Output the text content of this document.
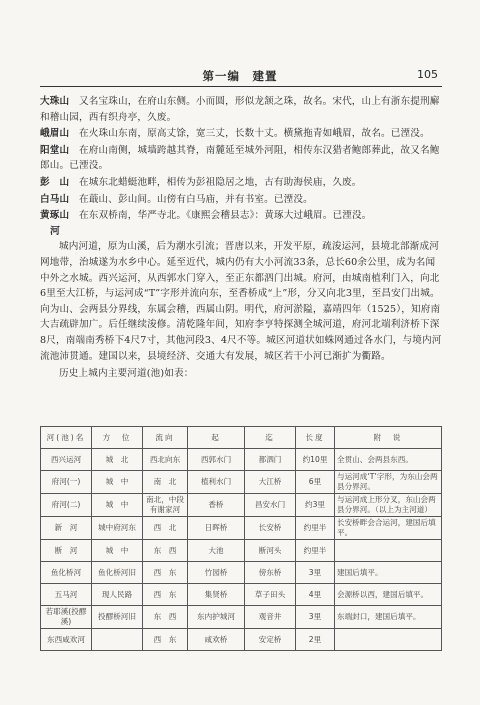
第一编　建置	105

大珠山　 又名宝珠山，在府山东侧。小而圆，形似龙颔之珠，故名。宋代，山上有浙东提刑廨和稽山园，西有织舟亭，久废。

峨眉山　 在火珠山东南，原高丈馀，宽三丈，长数十丈。横黛拖青如峨眉，故名。已湮没。

阳堂山　 在府山南侧，城墙跨越其脊，南麓延至城外河阻，相传东汉猎者鲍郎葬此，故又名鲍郎山。已湮没。

彭　山　 在城东北蜡蜓池畔，相传为彭祖隐居之地，古有助海侯庙，久废。

白马山　 在蕺山、彭山间。山傍有白马庙，并有书室。已湮没。

黄琢山　 在东双桥南，华严寺北。《康熙会稽县志》：黄琢大过峨眉。已湮没。

河

城内河道，原为山溪，后为潮水引流；晋唐以来，开发平原，疏浚运河，县境北部渐成河网地带，治城遂为水乡中心。延至近代，城内仍有大小河流33条，总长60余公里，成为名闻中外之水城。西兴运河，从西郭水门穿入，至正东都泗门出城。府河，由城南植利门入，向北6里至大江桥，与运河成“T”字形并流向东，至香桥成“上”形，分又向北3里，至昌安门出城。向为山、会两县分界线，东属会稽，西属山阴。明代，府河淤隘，嘉靖四年（1525），知府南大吉疏辟加广。后任继续浚修。清乾隆年间，知府李亨特探测全城河道，府河北端利济桥下深8尺，南端南秀桥下4尺7寸，其他河段3、4尺不等。城区河道状如蛛网通过各水门，与境内河流池沛贯通。建国以来，县境经济、交通大有发展，城区若干小河已渐扩为衢路。

历史上城内主要河道(池)如表：

河(池)名	方　位	流向	起	迄	长度	附　说
西兴运河	城　北	西北向东	西郭水门	都泗门	约10里	全贯山、会两县东西。
府河(一)	城　中	南　北	植利水门	大江桥	6里	与运河成‘T’字形，为东山会两县分界河。
府河(二)	城　中	南北，中段有谢家河	香桥	昌安水门	约3里	与运河成上形分叉，东山会两县分界河。（以上为主河道）
新　河	城中府河东	西　北	日晖桥	长安桥	约里半	长安桥畔会合运河，建国后填平。
断　河	城　中	东　西	大池	断河头	约里半	
鱼化桥河	鱼化桥河旧	西　东	竹园桥	傍东桥	3里	建国后填平。
五马河	现人民路	西　东	集贤桥	草子田头	4里	会源桥以西，建国后填平。
若耶溪(投醪溪)	投醪桥河旧	东　西	东内护城河	观音井	3里	东端封口，建国后填平。
东西咸欢河		西　东	咸欢桥	安定桥	2里	
